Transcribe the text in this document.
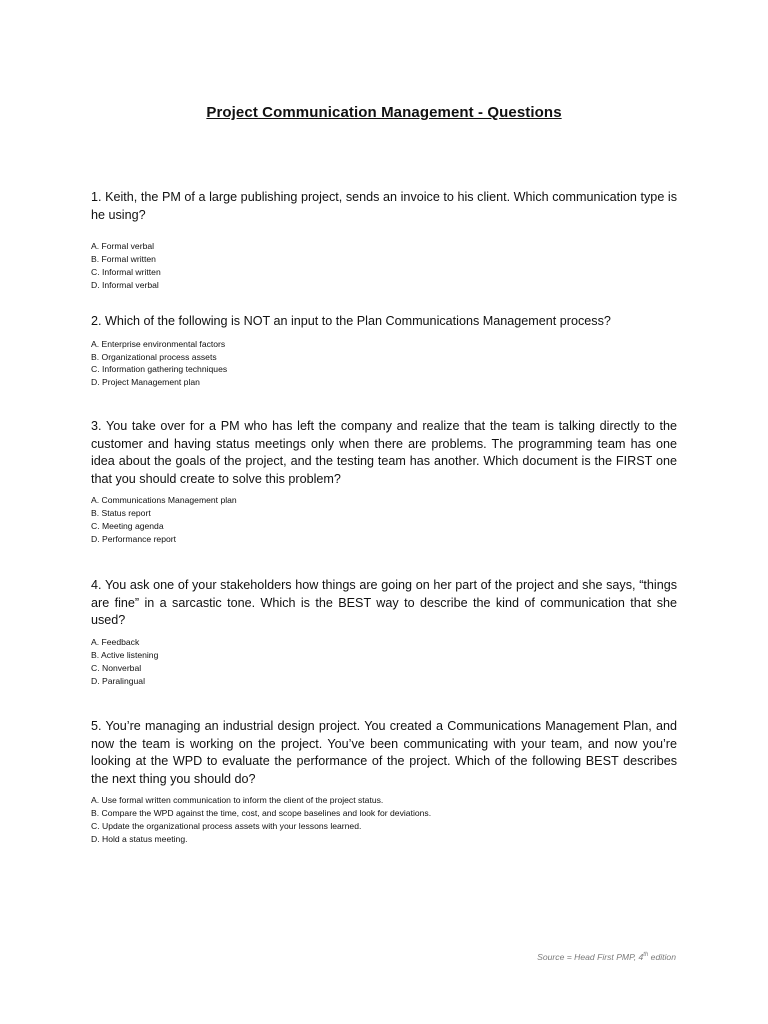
Project Communication Management - Questions

1. Keith, the PM of a large publishing project, sends an invoice to his client. Which communication type is he using?

A. Formal verbal
B. Formal written
C. Informal written
D. Informal verbal

2. Which of the following is NOT an input to the Plan Communications Management process?

A. Enterprise environmental factors
B. Organizational process assets
C. Information gathering techniques
D. Project Management plan

3. You take over for a PM who has left the company and realize that the team is talking directly to the customer and having status meetings only when there are problems. The programming team has one idea about the goals of the project, and the testing team has another. Which document is the FIRST one that you should create to solve this problem?

A. Communications Management plan
B. Status report
C. Meeting agenda
D. Performance report

4. You ask one of your stakeholders how things are going on her part of the project and she says, “things are fine” in a sarcastic tone. Which is the BEST way to describe the kind of communication that she used?

A. Feedback
B. Active listening
C. Nonverbal
D. Paralingual

5. You’re managing an industrial design project. You created a Communications Management Plan, and now the team is working on the project. You’ve been communicating with your team, and now you’re looking at the WPD to evaluate the performance of the project. Which of the following BEST describes the next thing you should do?

A. Use formal written communication to inform the client of the project status.
B. Compare the WPD against the time, cost, and scope baselines and look for deviations.
C. Update the organizational process assets with your lessons learned.
D. Hold a status meeting.
Source = Head First PMP, 4th edition
